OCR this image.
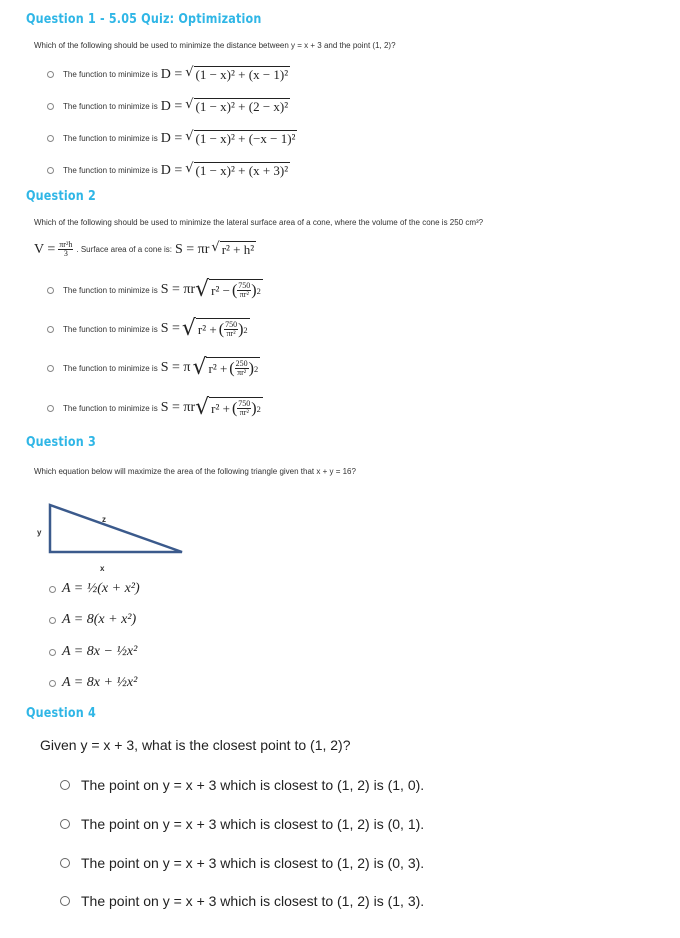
Question 1 - 5.05 Quiz: Optimization
Which of the following should be used to minimize the distance between y = x + 3 and the point (1, 2)?
The function to minimize is D = √ (1 − x)² + (x − 1)²
The function to minimize is D = √ (1 − x)² + (2 − x)²
The function to minimize is D = √ (1 − x)² + (−x − 1)²
The function to minimize is D = √ (1 − x)² + (x + 3)²
Question 2
Which of the following should be used to minimize the lateral surface area of a cone, where the volume of the cone is 250 cm³?
$V = \frac{\text{πr²h}}{3}$ . Surface area of a cone is: S = πr √ r² + h²
The function to minimize is S = πr √ r² − ( $\frac{750}{\text{πr²}}$ ) 2
The function to minimize is S = √ r² + ( $\frac{750}{\text{πr²}}$ ) 2
The function to minimize is S = π √ r² + ( $\frac{250}{\text{πr²}}$ ) 2
The function to minimize is S = πr √ r² + ( $\frac{750}{\text{πr²}}$ ) 2
Question 3
Which equation below will maximize the area of the following triangle given that x + y = 16?
z
y
x
A = ½(x + x²)
A = 8(x + x²)
A = 8x − ½x²
A = 8x + ½x²
Question 4
Given y = x + 3, what is the closest point to (1, 2)?
The point on y = x + 3 which is closest to (1, 2) is (1, 0).
The point on y = x + 3 which is closest to (1, 2) is (0, 1).
The point on y = x + 3 which is closest to (1, 2) is (0, 3).
The point on y = x + 3 which is closest to (1, 2) is (1, 3).
